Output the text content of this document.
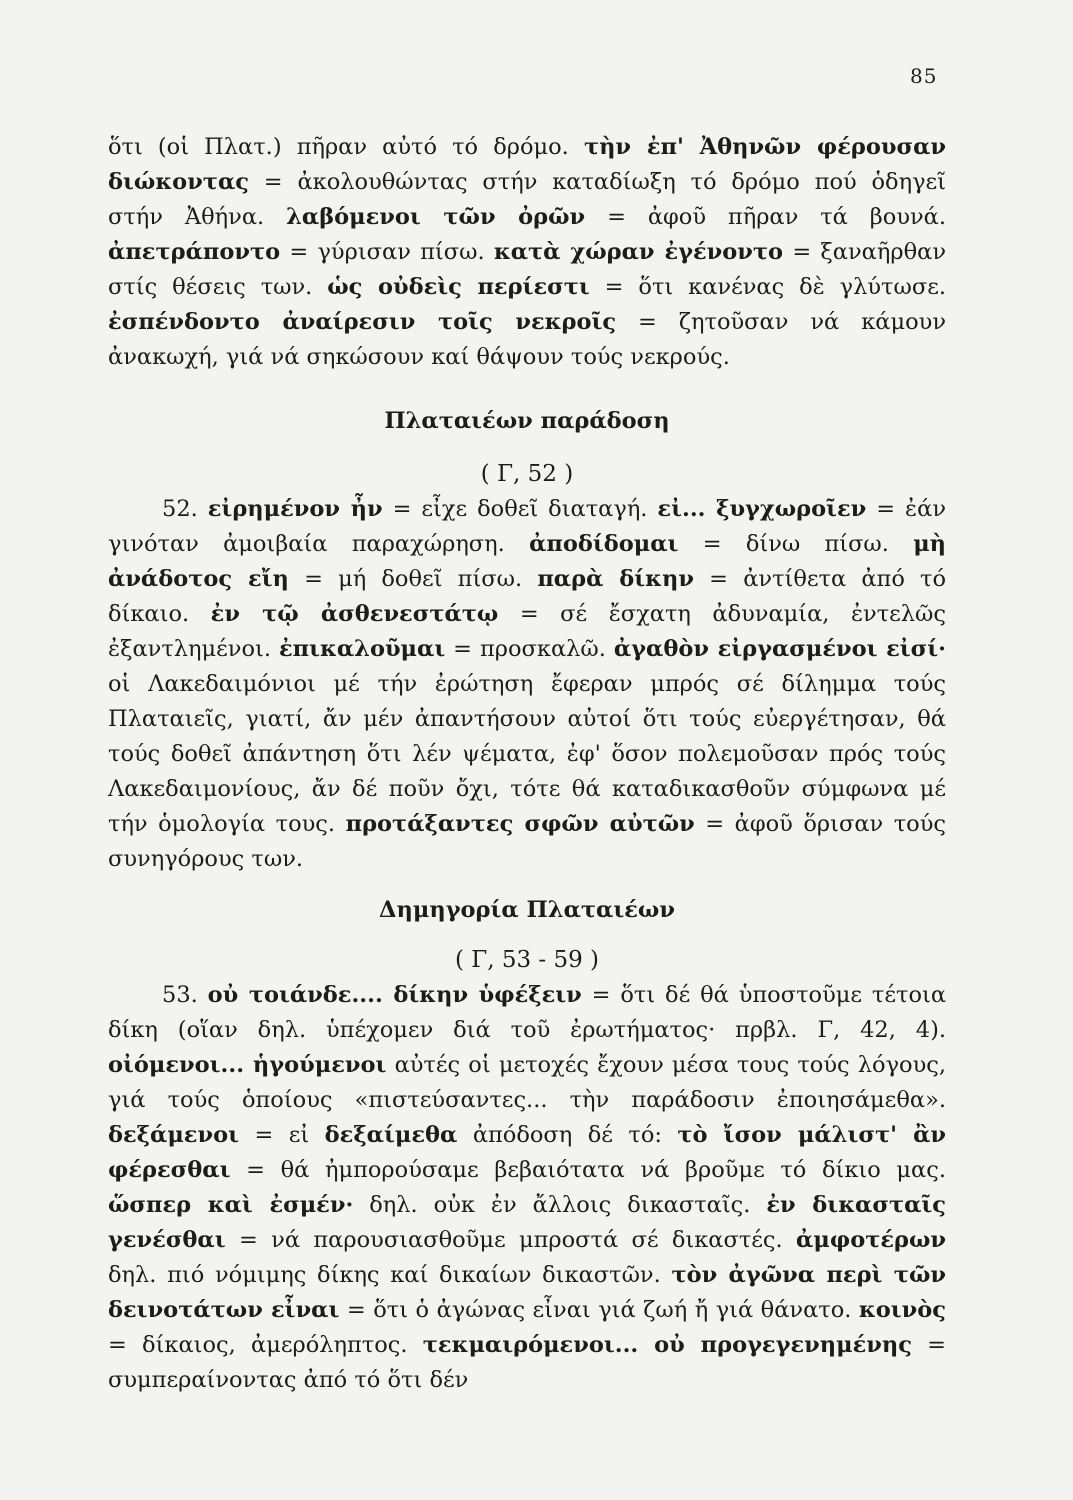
85

ὅτι (οἱ Πλατ.) πῆραν αὐτό τό δρόμο. τὴν ἐπ' Ἀθηνῶν φέρουσαν διώκοντας = ἀκολουθώντας στήν καταδίωξη τό δρόμο πού ὁδηγεῖ στήν Ἀθήνα. λαβόμενοι τῶν ὀρῶν = ἀφοῦ πῆραν τά βουνά. ἀπετράποντο = γύρισαν πίσω. κατὰ χώραν ἐγένοντο = ξαναῆρθαν στίς θέσεις των. ὡς οὐδεὶς περίεστι = ὅτι κανένας δὲ γλύτωσε. ἐσπένδοντο ἀναίρεσιν τοῖς νεκροῖς = ζητοῦσαν νά κάμουν ἀνακωχή, γιά νά σηκώσουν καί θάψουν τούς νεκρούς.

Πλαταιέων παράδοση
( Γ, 52 )

52. εἰρημένον ἦν = εἶχε δοθεῖ διαταγή. εἰ... ξυγχωροῖεν = ἐάν γινόταν ἀμοιβαία παραχώρηση. ἀποδίδομαι = δίνω πίσω. μὴ ἀνάδοτος εἴη = μή δοθεῖ πίσω. παρὰ δίκην = ἀντίθετα ἀπό τό δίκαιο. ἐν τῷ ἀσθενεστάτῳ = σέ ἔσχατη ἀδυναμία, ἐντελῶς ἐξαντλημένοι. ἐπικαλοῦμαι = προσκαλῶ. ἀγαθὸν εἰργασμένοι εἰσί· οἱ Λακεδαιμόνιοι μέ τήν ἐρώτηση ἔφεραν μπρός σέ δίλημμα τούς Πλαταιεῖς, γιατί, ἄν μέν ἀπαντήσουν αὐτοί ὅτι τούς εὐεργέτησαν, θά τούς δοθεῖ ἀπάντηση ὅτι λέν ψέματα, ἐφ' ὅσον πολεμοῦσαν πρός τούς Λακεδαιμονίους, ἄν δέ ποῦν ὄχι, τότε θά καταδικασθοῦν σύμφωνα μέ τήν ὁμολογία τους. προτάξαντες σφῶν αὐτῶν = ἀφοῦ ὅρισαν τούς συνηγόρους των.

Δημηγορία Πλαταιέων
( Γ, 53 - 59 )

53. οὐ τοιάνδε.... δίκην ὑφέξειν = ὅτι δέ θά ὑποστοῦμε τέτοια δίκη (οἵαν δηλ. ὑπέχομεν διά τοῦ ἐρωτήματος· πρβλ. Γ, 42, 4). οἰόμενοι... ἡγούμενοι αὐτές οἱ μετοχές ἔχουν μέσα τους τούς λόγους, γιά τούς ὁποίους «πιστεύσαντες... τὴν παράδοσιν ἐποιησάμεθα». δεξάμενοι = εἰ δεξαίμεθα ἀπόδοση δέ τό: τὸ ἴσον μάλιστ' ἂν φέρεσθαι = θά ἠμπορούσαμε βεβαιότατα νά βροῦμε τό δίκιο μας. ὥσπερ καὶ ἐσμέν· δηλ. οὐκ ἐν ἄλλοις δικασταῖς. ἐν δικασταῖς γενέσθαι = νά παρουσιασθοῦμε μπροστά σέ δικαστές. ἀμφοτέρων δηλ. πιό νόμιμης δίκης καί δικαίων δικαστῶν. τὸν ἀγῶνα περὶ τῶν δεινοτάτων εἶναι = ὅτι ὁ ἀγώνας εἶναι γιά ζωή ἤ γιά θάνατο. κοινὸς = δίκαιος, ἀμερόληπτος. τεκμαιρόμενοι... οὐ προγεγενημένης = συμπεραίνοντας ἀπό τό ὅτι δέν
